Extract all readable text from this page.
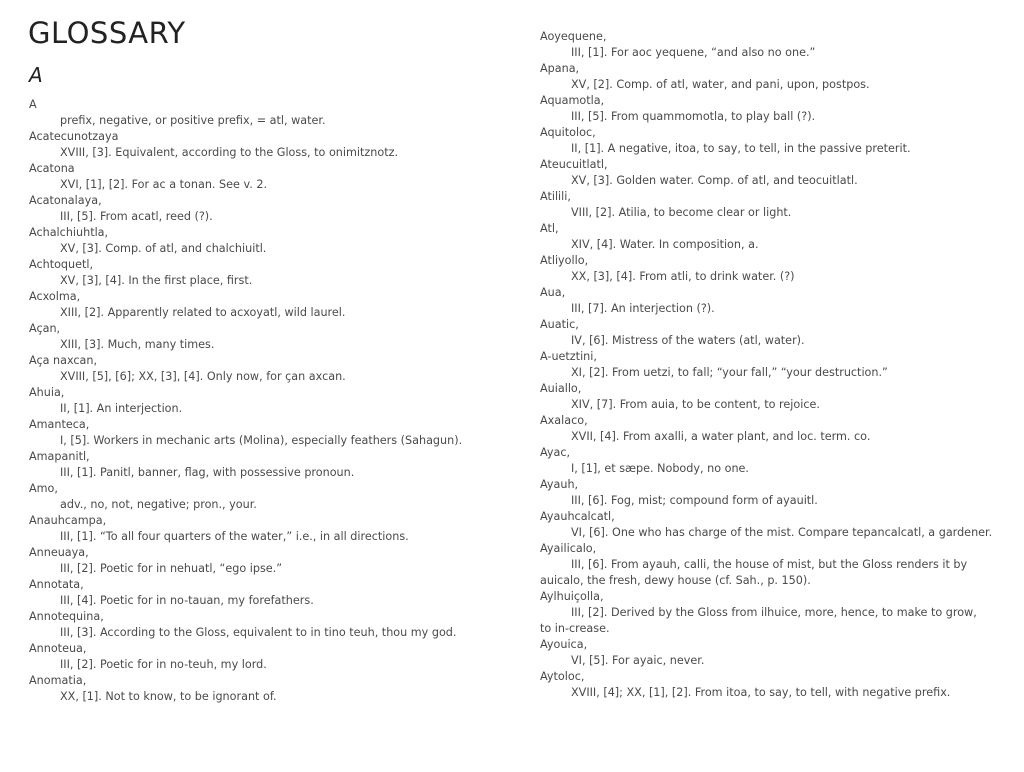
GLOSSARY
A
A
prefix, negative, or positive prefix, = atl, water.
Acatecunotzaya
XVIII, [3]. Equivalent, according to the Gloss, to onimitznotz.
Acatona
XVI, [1], [2]. For ac a tonan. See v. 2.
Acatonalaya,
III, [5]. From acatl, reed (?).
Achalchiuhtla,
XV, [3]. Comp. of atl, and chalchiuitl.
Achtoquetl,
XV, [3], [4]. In the first place, first.
Acxolma,
XIII, [2]. Apparently related to acxoyatl, wild laurel.
Açan,
XIII, [3]. Much, many times.
Aça naxcan,
XVIII, [5], [6]; XX, [3], [4]. Only now, for çan axcan.
Ahuia,
II, [1]. An interjection.
Amanteca,
I, [5]. Workers in mechanic arts (Molina), especially feathers (Sahagun).
Amapanitl,
III, [1]. Panitl, banner, flag, with possessive pronoun.
Amo,
adv., no, not, negative; pron., your.
Anauhcampa,
III, [1]. “To all four quarters of the water,” i.e., in all directions.
Anneuaya,
III, [2]. Poetic for in nehuatl, “ego ipse.”
Annotata,
III, [4]. Poetic for in no-tauan, my forefathers.
Annotequina,
III, [3]. According to the Gloss, equivalent to in tino teuh, thou my god.
Annoteua,
III, [2]. Poetic for in no-teuh, my lord.
Anomatia,
XX, [1]. Not to know, to be ignorant of.
Aoyequene,
III, [1]. For aoc yequene, “and also no one.”
Apana,
XV, [2]. Comp. of atl, water, and pani, upon, postpos.
Aquamotla,
III, [5]. From quammomotla, to play ball (?).
Aquitoloc,
II, [1]. A negative, itoa, to say, to tell, in the passive preterit.
Ateucuitlatl,
XV, [3]. Golden water. Comp. of atl, and teocuitlatl.
Atilili,
VIII, [2]. Atilia, to become clear or light.
Atl,
XIV, [4]. Water. In composition, a.
Atliyollo,
XX, [3], [4]. From atli, to drink water. (?)
Aua,
III, [7]. An interjection (?).
Auatic,
IV, [6]. Mistress of the waters (atl, water).
A-uetztini,
XI, [2]. From uetzi, to fall; “your fall,” “your destruction.”
Auiallo,
XIV, [7]. From auia, to be content, to rejoice.
Axalaco,
XVII, [4]. From axalli, a water plant, and loc. term. co.
Ayac,
I, [1], et sæpe. Nobody, no one.
Ayauh,
III, [6]. Fog, mist; compound form of ayauitl.
Ayauhcalcatl,
VI, [6]. One who has charge of the mist. Compare tepancalcatl, a gardener.
Ayailicalo,
III, [6]. From ayauh, calli, the house of mist, but the Gloss renders it by auicalo, the fresh, dewy house (cf. Sah., p. 150).
Aylhuiçolla,
III, [2]. Derived by the Gloss from ilhuice, more, hence, to make to grow, to in-crease.
Ayouica,
VI, [5]. For ayaic, never.
Aytoloc,
XVIII, [4]; XX, [1], [2]. From itoa, to say, to tell, with negative prefix.
